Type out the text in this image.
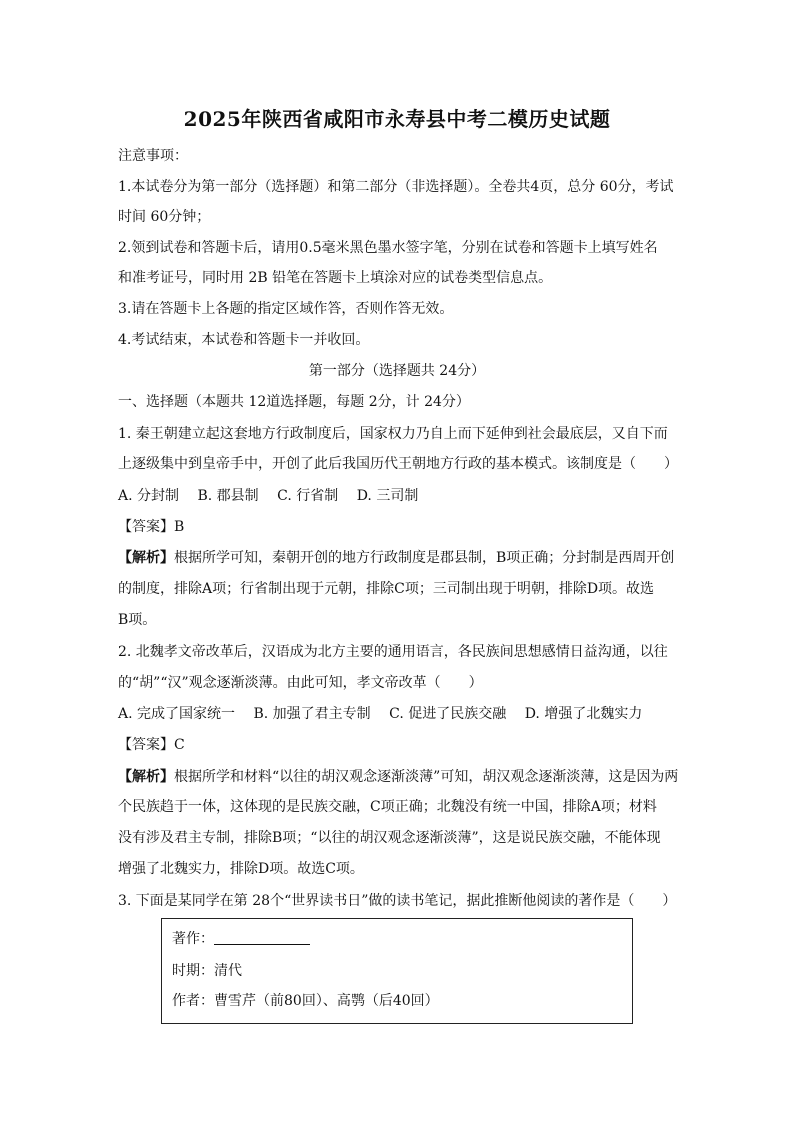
2025年陕西省咸阳市永寿县中考二模历史试题
注意事项：
1.本试卷分为第一部分（选择题）和第二部分（非选择题）。全卷共4页，总分 60分，考试
时间 60分钟；
2.领到试卷和答题卡后，请用0.5毫米黑色墨水签字笔，分别在试卷和答题卡上填写姓名
和准考证号，同时用 2B 铅笔在答题卡上填涂对应的试卷类型信息点。
3.请在答题卡上各题的指定区域作答，否则作答无效。
4.考试结束，本试卷和答题卡一并收回。
第一部分（选择题共 24分）
一、选择题（本题共 12道选择题，每题 2分，计 24分）
1. 秦王朝建立起这套地方行政制度后，国家权力乃自上而下延伸到社会最底层，又自下而
上逐级集中到皇帝手中，开创了此后我国历代王朝地方行政的基本模式。该制度是（　　）
A. 分封制 B. 郡县制 C. 行省制 D. 三司制
【答案】B
【解析】根据所学可知，秦朝开创的地方行政制度是郡县制，B项正确；分封制是西周开创
的制度，排除A项；行省制出现于元朝，排除C项；三司制出现于明朝，排除D项。故选
B项。
2. 北魏孝文帝改革后，汉语成为北方主要的通用语言，各民族间思想感情日益沟通，以往
的“胡”“汉”观念逐渐淡薄。由此可知，孝文帝改革（　　）
A. 完成了国家统一 B. 加强了君主专制 C. 促进了民族交融 D. 增强了北魏实力
【答案】C
【解析】根据所学和材料“以往的胡汉观念逐渐淡薄”可知，胡汉观念逐渐淡薄，这是因为两
个民族趋于一体，这体现的是民族交融，C项正确；北魏没有统一中国，排除A项；材料
没有涉及君主专制，排除B项；“以往的胡汉观念逐渐淡薄”，这是说民族交融，不能体现
增强了北魏实力，排除D项。故选C项。
3. 下面是某同学在第 28个“世界读书日”做的读书笔记，据此推断他阅读的著作是（　　）
著作：
时期：清代
作者：曹雪芹（前80回）、高鹗（后40回）
